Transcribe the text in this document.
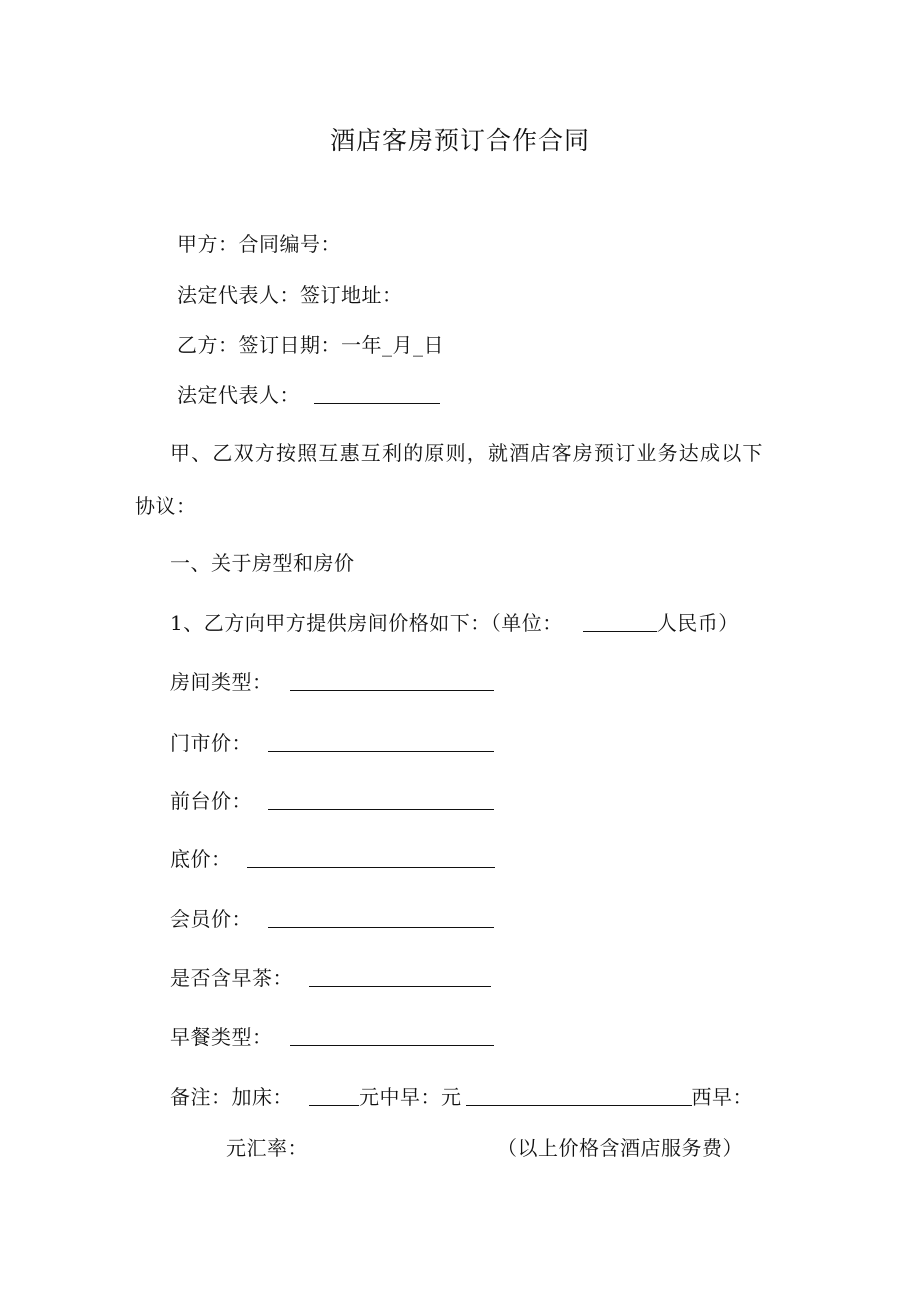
酒店客房预订合作合同
甲方：合同编号：
法定代表人：签订地址：
乙方：签订日期：一年_月_日
法定代表人：
甲、乙双方按照互惠互利的原则，就酒店客房预订业务达成以下
协议：
一、关于房型和房价
1、乙方向甲方提供房间价格如下：（单位：	人民币）
房间类型：
门市价：
前台价：
底价：
会员价：
是否含早茶：
早餐类型：
备注：加床：	元中早：元	西早：
元汇率：	（以上价格含酒店服务费）
